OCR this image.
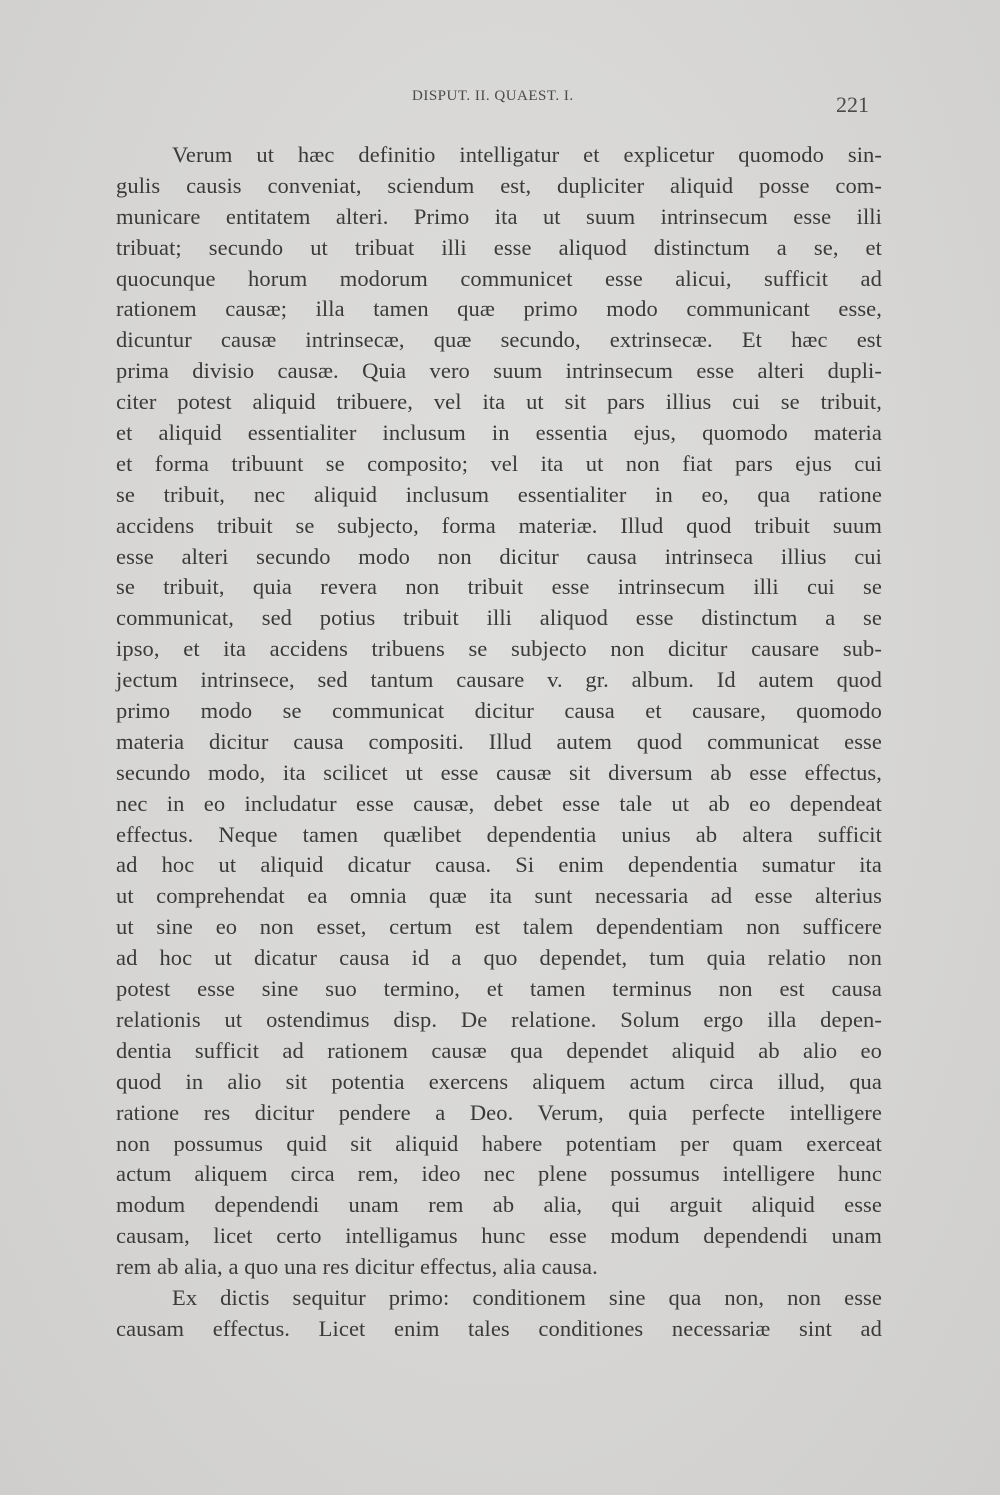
DISPUT. II. QUAEST. I.	221
Verum ut hæc definitio intelligatur et explicetur quomodo sin-
gulis causis conveniat, sciendum est, dupliciter aliquid posse com-
municare entitatem alteri. Primo ita ut suum intrinsecum esse illi
tribuat; secundo ut tribuat illi esse aliquod distinctum a se, et
quocunque horum modorum communicet esse alicui, sufficit ad
rationem causæ; illa tamen quæ primo modo communicant esse,
dicuntur causæ intrinsecæ, quæ secundo, extrinsecæ. Et hæc est
prima divisio causæ. Quia vero suum intrinsecum esse alteri dupli-
citer potest aliquid tribuere, vel ita ut sit pars illius cui se tribuit,
et aliquid essentialiter inclusum in essentia ejus, quomodo materia
et forma tribuunt se composito; vel ita ut non fiat pars ejus cui
se tribuit, nec aliquid inclusum essentialiter in eo, qua ratione
accidens tribuit se subjecto, forma materiæ. Illud quod tribuit suum
esse alteri secundo modo non dicitur causa intrinseca illius cui
se tribuit, quia revera non tribuit esse intrinsecum illi cui se
communicat, sed potius tribuit illi aliquod esse distinctum a se
ipso, et ita accidens tribuens se subjecto non dicitur causare sub-
jectum intrinsece, sed tantum causare v. gr. album. Id autem quod
primo modo se communicat dicitur causa et causare, quomodo
materia dicitur causa compositi. Illud autem quod communicat esse
secundo modo, ita scilicet ut esse causæ sit diversum ab esse effectus,
nec in eo includatur esse causæ, debet esse tale ut ab eo dependeat
effectus. Neque tamen quælibet dependentia unius ab altera sufficit
ad hoc ut aliquid dicatur causa. Si enim dependentia sumatur ita
ut comprehendat ea omnia quæ ita sunt necessaria ad esse alterius
ut sine eo non esset, certum est talem dependentiam non sufficere
ad hoc ut dicatur causa id a quo dependet, tum quia relatio non
potest esse sine suo termino, et tamen terminus non est causa
relationis ut ostendimus disp. De relatione. Solum ergo illa depen-
dentia sufficit ad rationem causæ qua dependet aliquid ab alio eo
quod in alio sit potentia exercens aliquem actum circa illud, qua
ratione res dicitur pendere a Deo. Verum, quia perfecte intelligere
non possumus quid sit aliquid habere potentiam per quam exerceat
actum aliquem circa rem, ideo nec plene possumus intelligere hunc
modum dependendi unam rem ab alia, qui arguit aliquid esse
causam, licet certo intelligamus hunc esse modum dependendi unam
rem ab alia, a quo una res dicitur effectus, alia causa.
Ex dictis sequitur primo: conditionem sine qua non, non esse
causam effectus. Licet enim tales conditiones necessariæ sint ad
